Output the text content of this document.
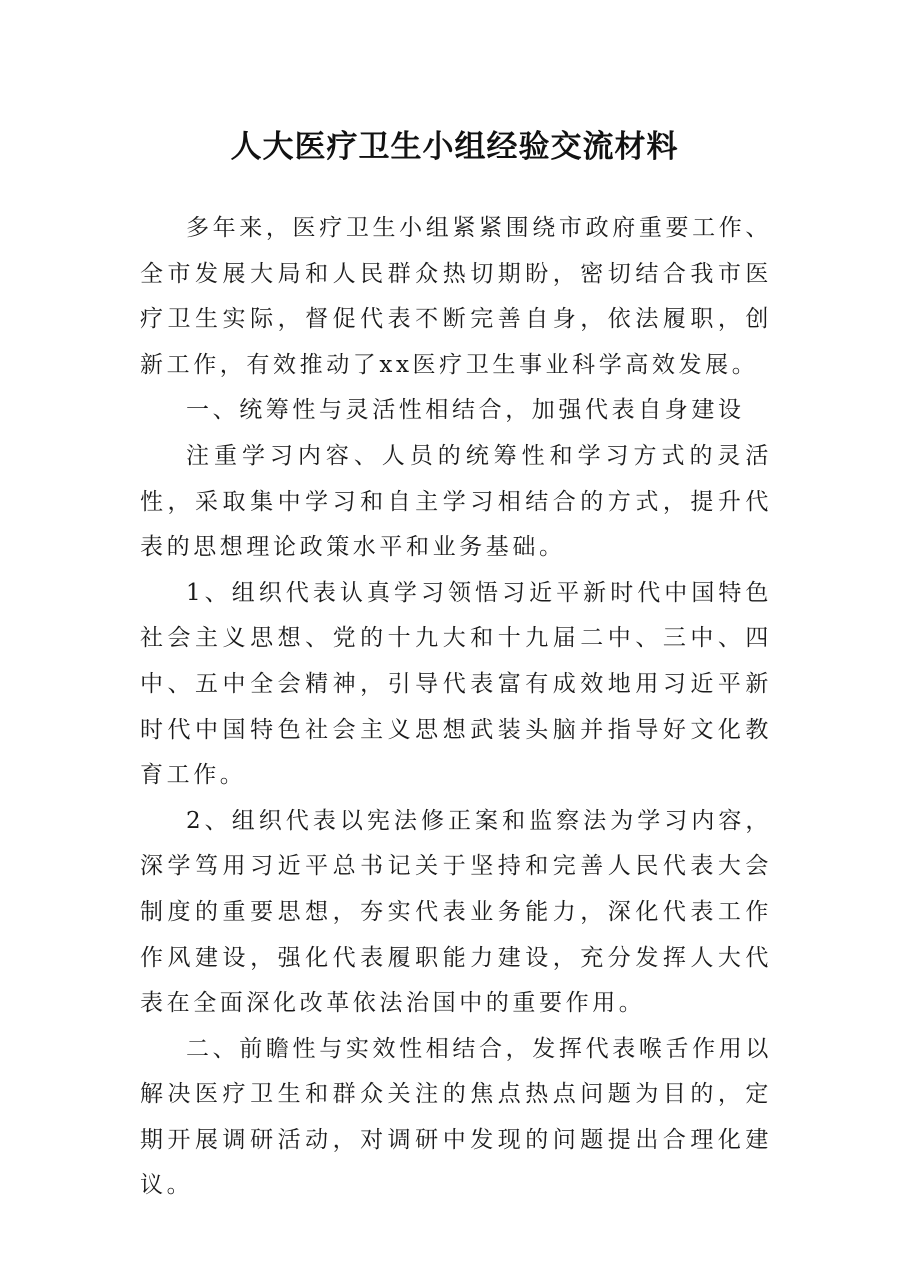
人大医疗卫生小组经验交流材料

多年来，医疗卫生小组紧紧围绕市政府重要工作、全市发展大局和人民群众热切期盼，密切结合我市医疗卫生实际，督促代表不断完善自身，依法履职，创新工作，有效推动了xx医疗卫生事业科学高效发展。

一、统筹性与灵活性相结合，加强代表自身建设

注重学习内容、人员的统筹性和学习方式的灵活性，采取集中学习和自主学习相结合的方式，提升代表的思想理论政策水平和业务基础。

1、组织代表认真学习领悟习近平新时代中国特色社会主义思想、党的十九大和十九届二中、三中、四中、五中全会精神，引导代表富有成效地用习近平新时代中国特色社会主义思想武装头脑并指导好文化教育工作。

2、组织代表以宪法修正案和监察法为学习内容，深学笃用习近平总书记关于坚持和完善人民代表大会制度的重要思想，夯实代表业务能力，深化代表工作作风建设，强化代表履职能力建设，充分发挥人大代表在全面深化改革依法治国中的重要作用。

二、前瞻性与实效性相结合，发挥代表喉舌作用以解决医疗卫生和群众关注的焦点热点问题为目的，定期开展调研活动，对调研中发现的问题提出合理化建议。
